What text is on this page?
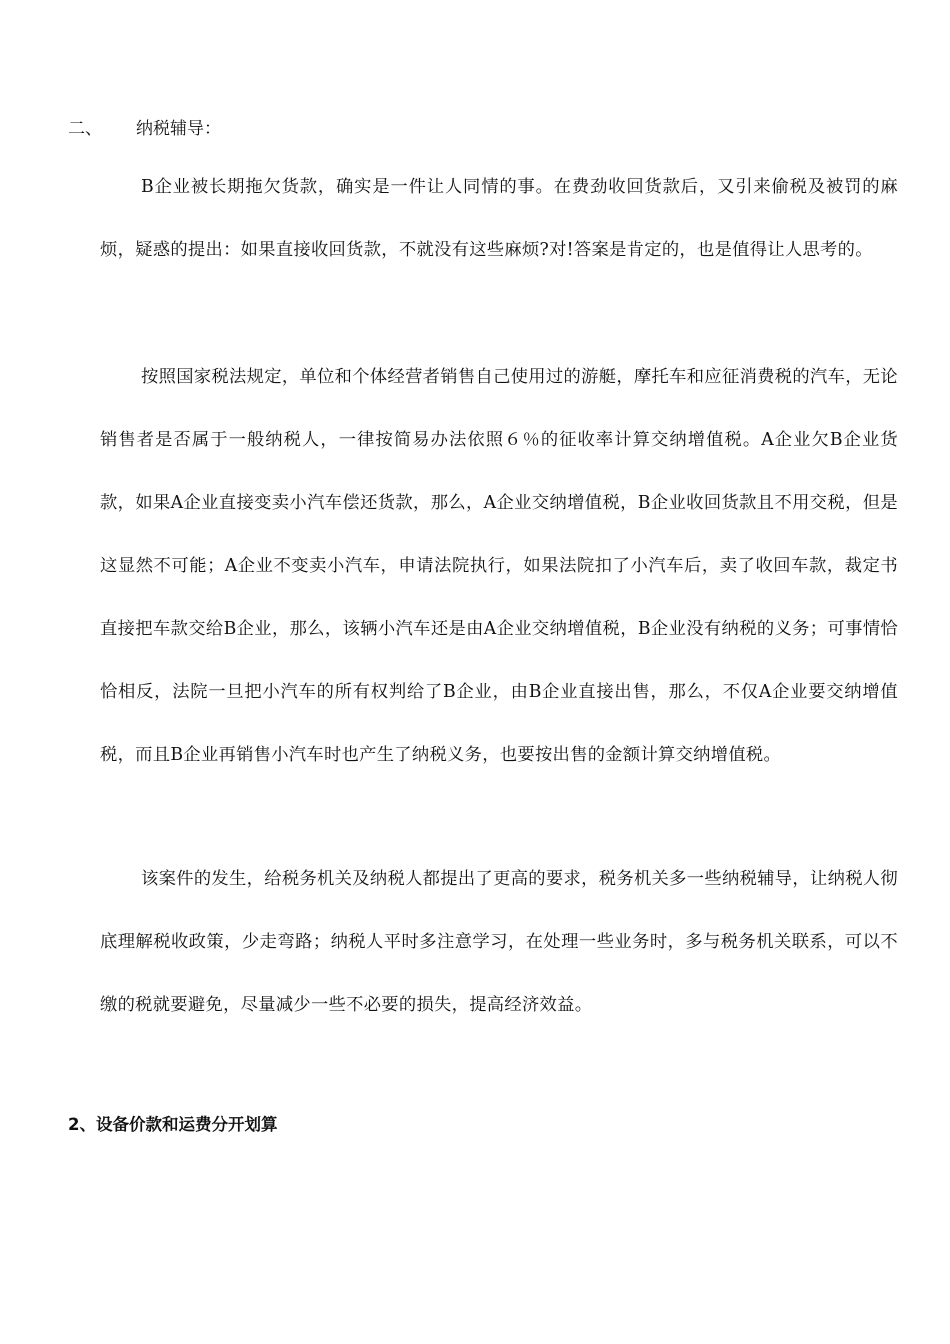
二、 纳税辅导：

B企业被长期拖欠货款，确实是一件让人同情的事。在费劲收回货款后，又引来偷税及被罚的麻烦，疑惑的提出：如果直接收回货款，不就没有这些麻烦?对!答案是肯定的，也是值得让人思考的。

按照国家税法规定，单位和个体经营者销售自己使用过的游艇，摩托车和应征消费税的汽车，无论销售者是否属于一般纳税人，一律按简易办法依照６％的征收率计算交纳增值税。A企业欠B企业货款，如果A企业直接变卖小汽车偿还货款，那么，A企业交纳增值税，B企业收回货款且不用交税，但是这显然不可能；A企业不变卖小汽车，申请法院执行，如果法院扣了小汽车后，卖了收回车款，裁定书直接把车款交给B企业，那么，该辆小汽车还是由A企业交纳增值税，B企业没有纳税的义务；可事情恰恰相反，法院一旦把小汽车的所有权判给了B企业，由B企业直接出售，那么，不仅A企业要交纳增值税，而且B企业再销售小汽车时也产生了纳税义务，也要按出售的金额计算交纳增值税。

该案件的发生，给税务机关及纳税人都提出了更高的要求，税务机关多一些纳税辅导，让纳税人彻底理解税收政策，少走弯路；纳税人平时多注意学习，在处理一些业务时，多与税务机关联系，可以不缴的税就要避免，尽量减少一些不必要的损失，提高经济效益。

2、设备价款和运费分开划算
